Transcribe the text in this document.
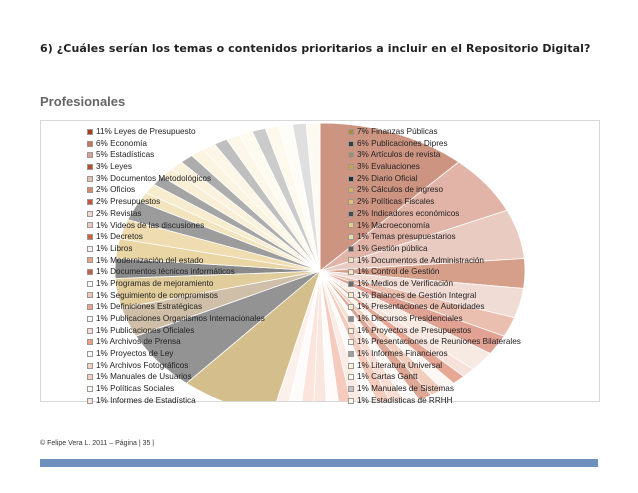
6) ¿Cuáles serían los temas o contenidos prioritarios a incluir en el Repositorio Digital?
Profesionales
11% Leyes de Presupuesto
6% Economía
5% Estadísticas
3% Leyes
3% Documentos Metodológicos
2% Oficios
2% Presupuestos
2% Revistas
1% Videos de las discusiones
1% Decretos
1% Libros
1% Modernización del estado
1% Documentos técnicos informáticos
1% Programas de mejoramiento
1% Seguimiento de compromisos
1% Definiciones Estratégicas
1% Publicaciones Organismos Internacionales
1% Publicaciones Oficiales
1% Archivos de Prensa
1% Proyectos de Ley
1% Archivos Fotográficos
1% Manuales de Usuarios
1% Políticas Sociales
1% Informes de Estadística
7% Finanzas Públicas
6% Publicaciones Dipres
3% Artículos de revista
3% Evaluaciones
2% Diario Oficial
2% Cálculos de ingreso
2% Políticas Fiscales
2% Indicadores económicos
1% Macroeconomía
1% Temas presupuestarios
1% Gestión pública
1% Documentos de Administración
1% Control de Gestión
1% Medios de Verificación
1% Balances de Gestión Integral
1% Presentaciones de Autoridades
1% Discursos Presidenciales
1% Proyectos de Presupuestos
1% Presentaciones de Reuniones Bilaterales
1% Informes Financieros
1% Literatura Universal
1% Cartas Gantt
1% Manuales de Sistemas
1% Estadísticas de RRHH
© Felipe Vera L. 2011 – Página | 35 |
